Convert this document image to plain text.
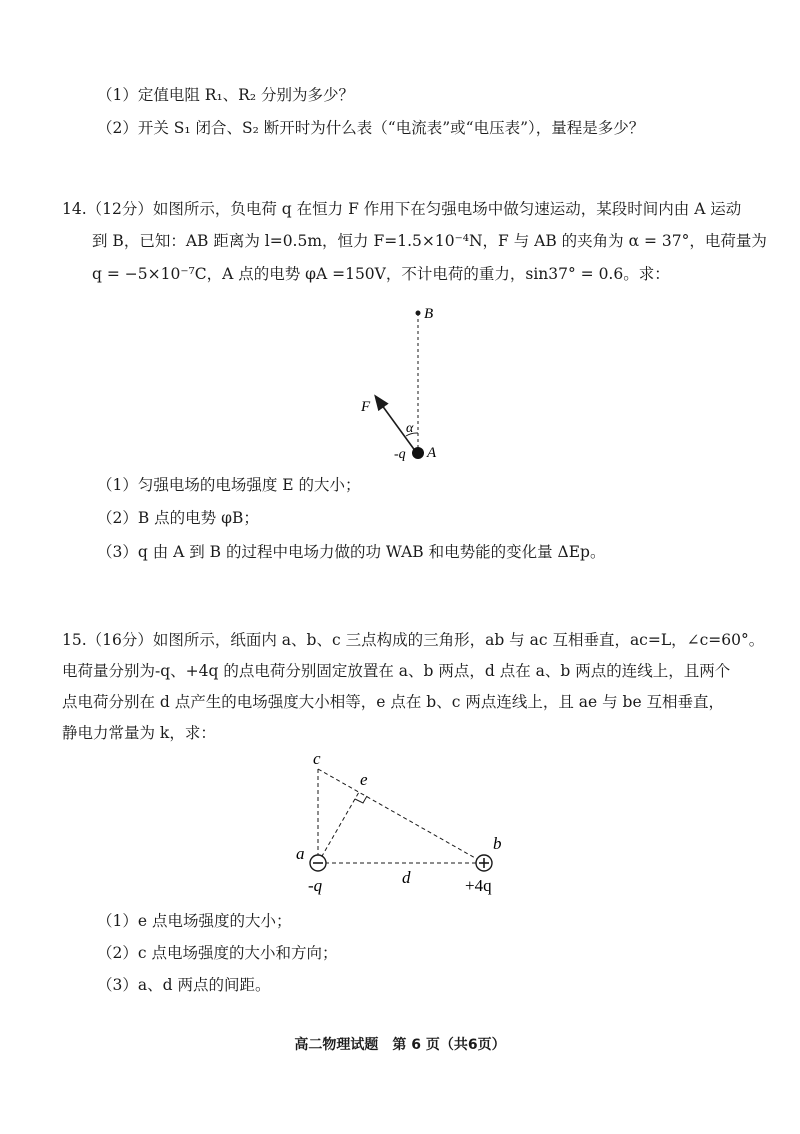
（1）定值电阻 R₁、R₂ 分别为多少？
（2）开关 S₁ 闭合、S₂ 断开时为什么表（“电流表”或“电压表”），量程是多少？
14.（12分）如图所示，负电荷 q 在恒力 F 作用下在匀强电场中做匀速运动，某段时间内由 A 运动
到 B，已知：AB 距离为 l=0.5m，恒力 F=1.5×10⁻⁴N，F 与 AB 的夹角为 α = 37°，电荷量为
q = −5×10⁻⁷C，A 点的电势 φA =150V，不计电荷的重力，sin37° = 0.6。求：
B
F
α
-q A
（1）匀强电场的电场强度 E 的大小；
（2）B 点的电势 φB；
（3）q 由 A 到 B 的过程中电场力做的功 WAB 和电势能的变化量 ΔEp。
15.（16分）如图所示，纸面内 a、b、c 三点构成的三角形，ab 与 ac 互相垂直，ac=L，∠c=60°。
电荷量分别为-q、+4q 的点电荷分别固定放置在 a、b 两点，d 点在 a、b 两点的连线上，且两个
点电荷分别在 d 点产生的电场强度大小相等，e 点在 b、c 两点连线上，且 ae 与 be 互相垂直，
静电力常量为 k，求：
c
e
a
b
d
-q	+4q
（1）e 点电场强度的大小；
（2）c 点电场强度的大小和方向；
（3）a、d 两点的间距。
高二物理试题　第 6 页（共6页）
